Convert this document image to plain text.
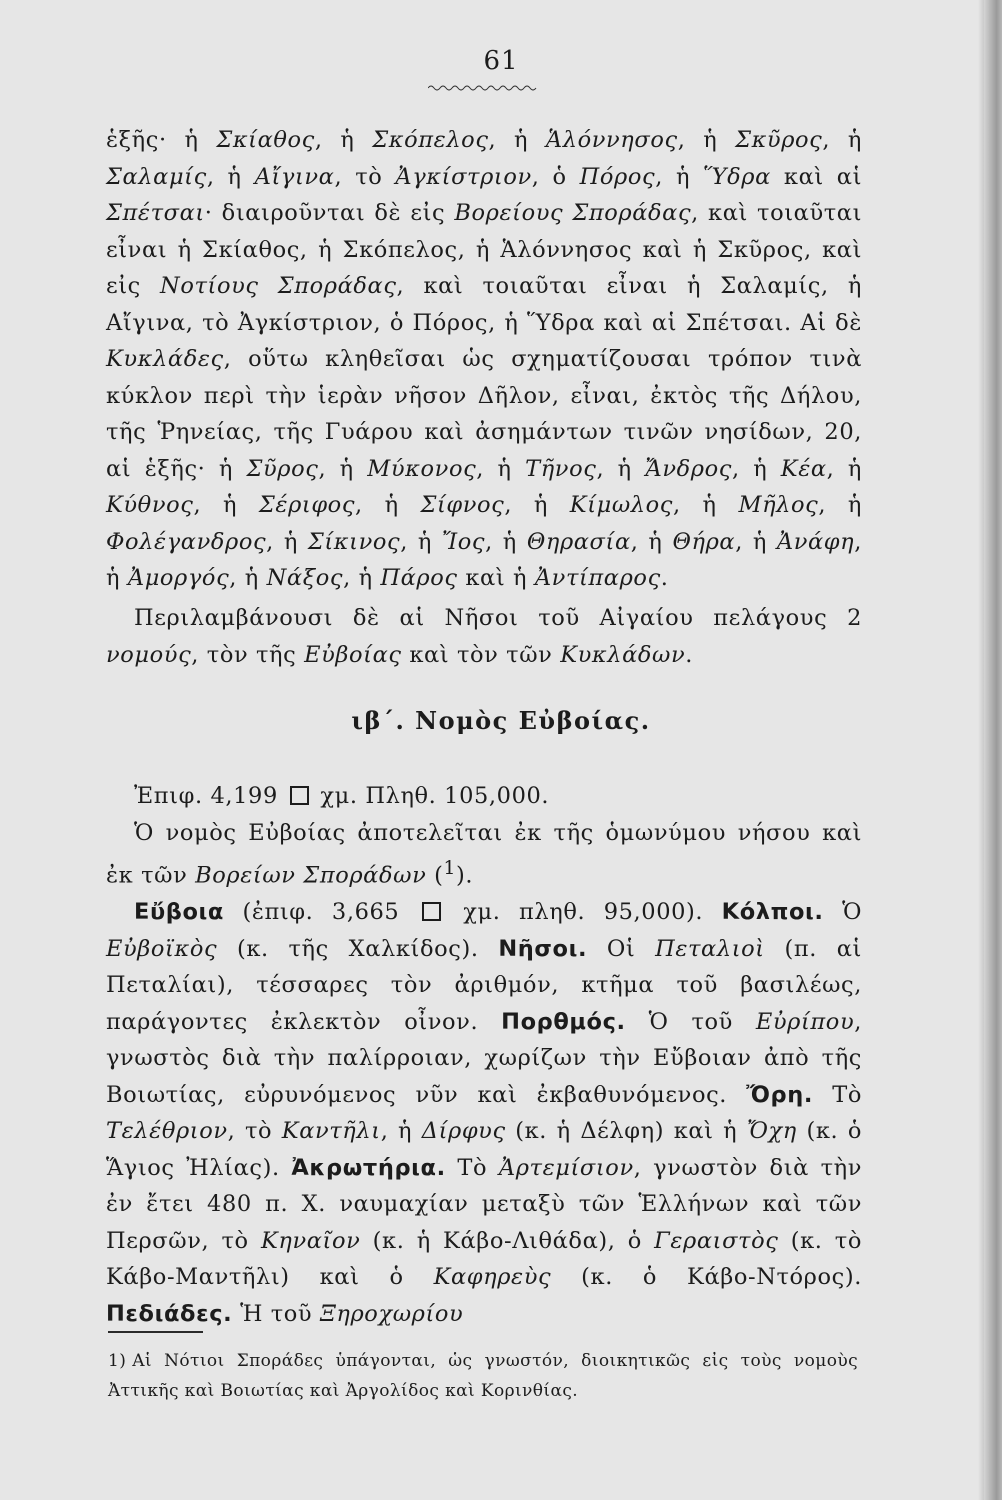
61

ἑξῆς· ἡ Σκίαθος, ἡ Σκόπελος, ἡ Ἁλόννησος, ἡ Σκῦρος, ἡ Σαλαμίς, ἡ Αἴγινα, τὸ Ἀγκίστριον, ὁ Πόρος, ἡ Ὕδρα καὶ αἱ Σπέτσαι· διαιροῦνται δὲ εἰς Βορείους Σποράδας, καὶ τοιαῦται εἶναι ἡ Σκίαθος, ἡ Σκόπελος, ἡ Ἁλόννησος καὶ ἡ Σκῦρος, καὶ εἰς Νοτίους Σποράδας, καὶ τοιαῦται εἶναι ἡ Σαλαμίς, ἡ Αἴγινα, τὸ Ἀγκίστριον, ὁ Πόρος, ἡ Ὕδρα καὶ αἱ Σπέτσαι. Αἱ δὲ Κυκλάδες, οὕτω κληθεῖσαι ὡς σχηματίζουσαι τρόπον τινὰ κύκλον περὶ τὴν ἱερὰν νῆσον Δῆλον, εἶναι, ἐκτὸς τῆς Δήλου, τῆς Ῥηνείας, τῆς Γυάρου καὶ ἀσημάντων τινῶν νησίδων, 20, αἱ ἑξῆς· ἡ Σῦρος, ἡ Μύκονος, ἡ Τῆνος, ἡ Ἄνδρος, ἡ Κέα, ἡ Κύθνος, ἡ Σέριφος, ἡ Σίφνος, ἡ Κίμωλος, ἡ Μῆλος, ἡ Φολέγανδρος, ἡ Σίκινος, ἡ Ἴος, ἡ Θηρασία, ἡ Θήρα, ἡ Ἀνάφη, ἡ Ἀμοργός, ἡ Νάξος, ἡ Πάρος καὶ ἡ Ἀντίπαρος.

Περιλαμβάνουσι δὲ αἱ Νῆσοι τοῦ Αἰγαίου πελάγους 2 νομούς, τὸν τῆς Εὐβοίας καὶ τὸν τῶν Κυκλάδων.

ιβ΄. Νομὸς Εὐβοίας.

Ἐπιφ. 4,199 χμ. Πληθ. 105,000.

Ὁ νομὸς Εὐβοίας ἀποτελεῖται ἐκ τῆς ὁμωνύμου νήσου καὶ ἐκ τῶν Βορείων Σποράδων ($^1$).

Εὔβοια (ἐπιφ. 3,665  χμ. πληθ. 95,000). Κόλποι. Ὁ Εὐβοϊκὸς (κ. τῆς Χαλκίδος). Νῆσοι. Οἱ Πεταλιοὶ (π. αἱ Πεταλίαι), τέσσαρες τὸν ἀριθμόν, κτῆμα τοῦ βασιλέως, παράγοντες ἐκλεκτὸν οἶνον. Πορθμός. Ὁ τοῦ Εὐρίπου, γνωστὸς διὰ τὴν παλίρροιαν, χωρίζων τὴν Εὔβοιαν ἀπὸ τῆς Βοιωτίας, εὐρυνόμενος νῦν καὶ ἐκβαθυνόμενος. Ὄρη. Τὸ Τελέθριον, τὸ Καντῆλι, ἡ Δίρφυς (κ. ἡ Δέλφη) καὶ ἡ Ὄχη (κ. ὁ Ἅγιος Ἠλίας). Ἀκρωτήρια. Τὸ Ἀρτεμίσιον, γνωστὸν διὰ τὴν ἐν ἔτει 480 π. Χ. ναυμαχίαν μεταξὺ τῶν Ἑλλήνων καὶ τῶν Περσῶν, τὸ Κηναῖον (κ. ἡ Κάβο-Λιθάδα), ὁ Γεραιστὸς (κ. τὸ Κάβο-Μαντῆλι) καὶ ὁ Καφηρεὺς (κ. ὁ Κάβο-Ντόρος). Πεδιάδες. Ἡ τοῦ Ξηροχωρίου

1) Αἱ Νότιοι Σποράδες ὑπάγονται, ὡς γνωστόν, διοικητικῶς εἰς τοὺς νομοὺς Ἀττικῆς καὶ Βοιωτίας καὶ Ἀργολίδος καὶ Κορινθίας.
